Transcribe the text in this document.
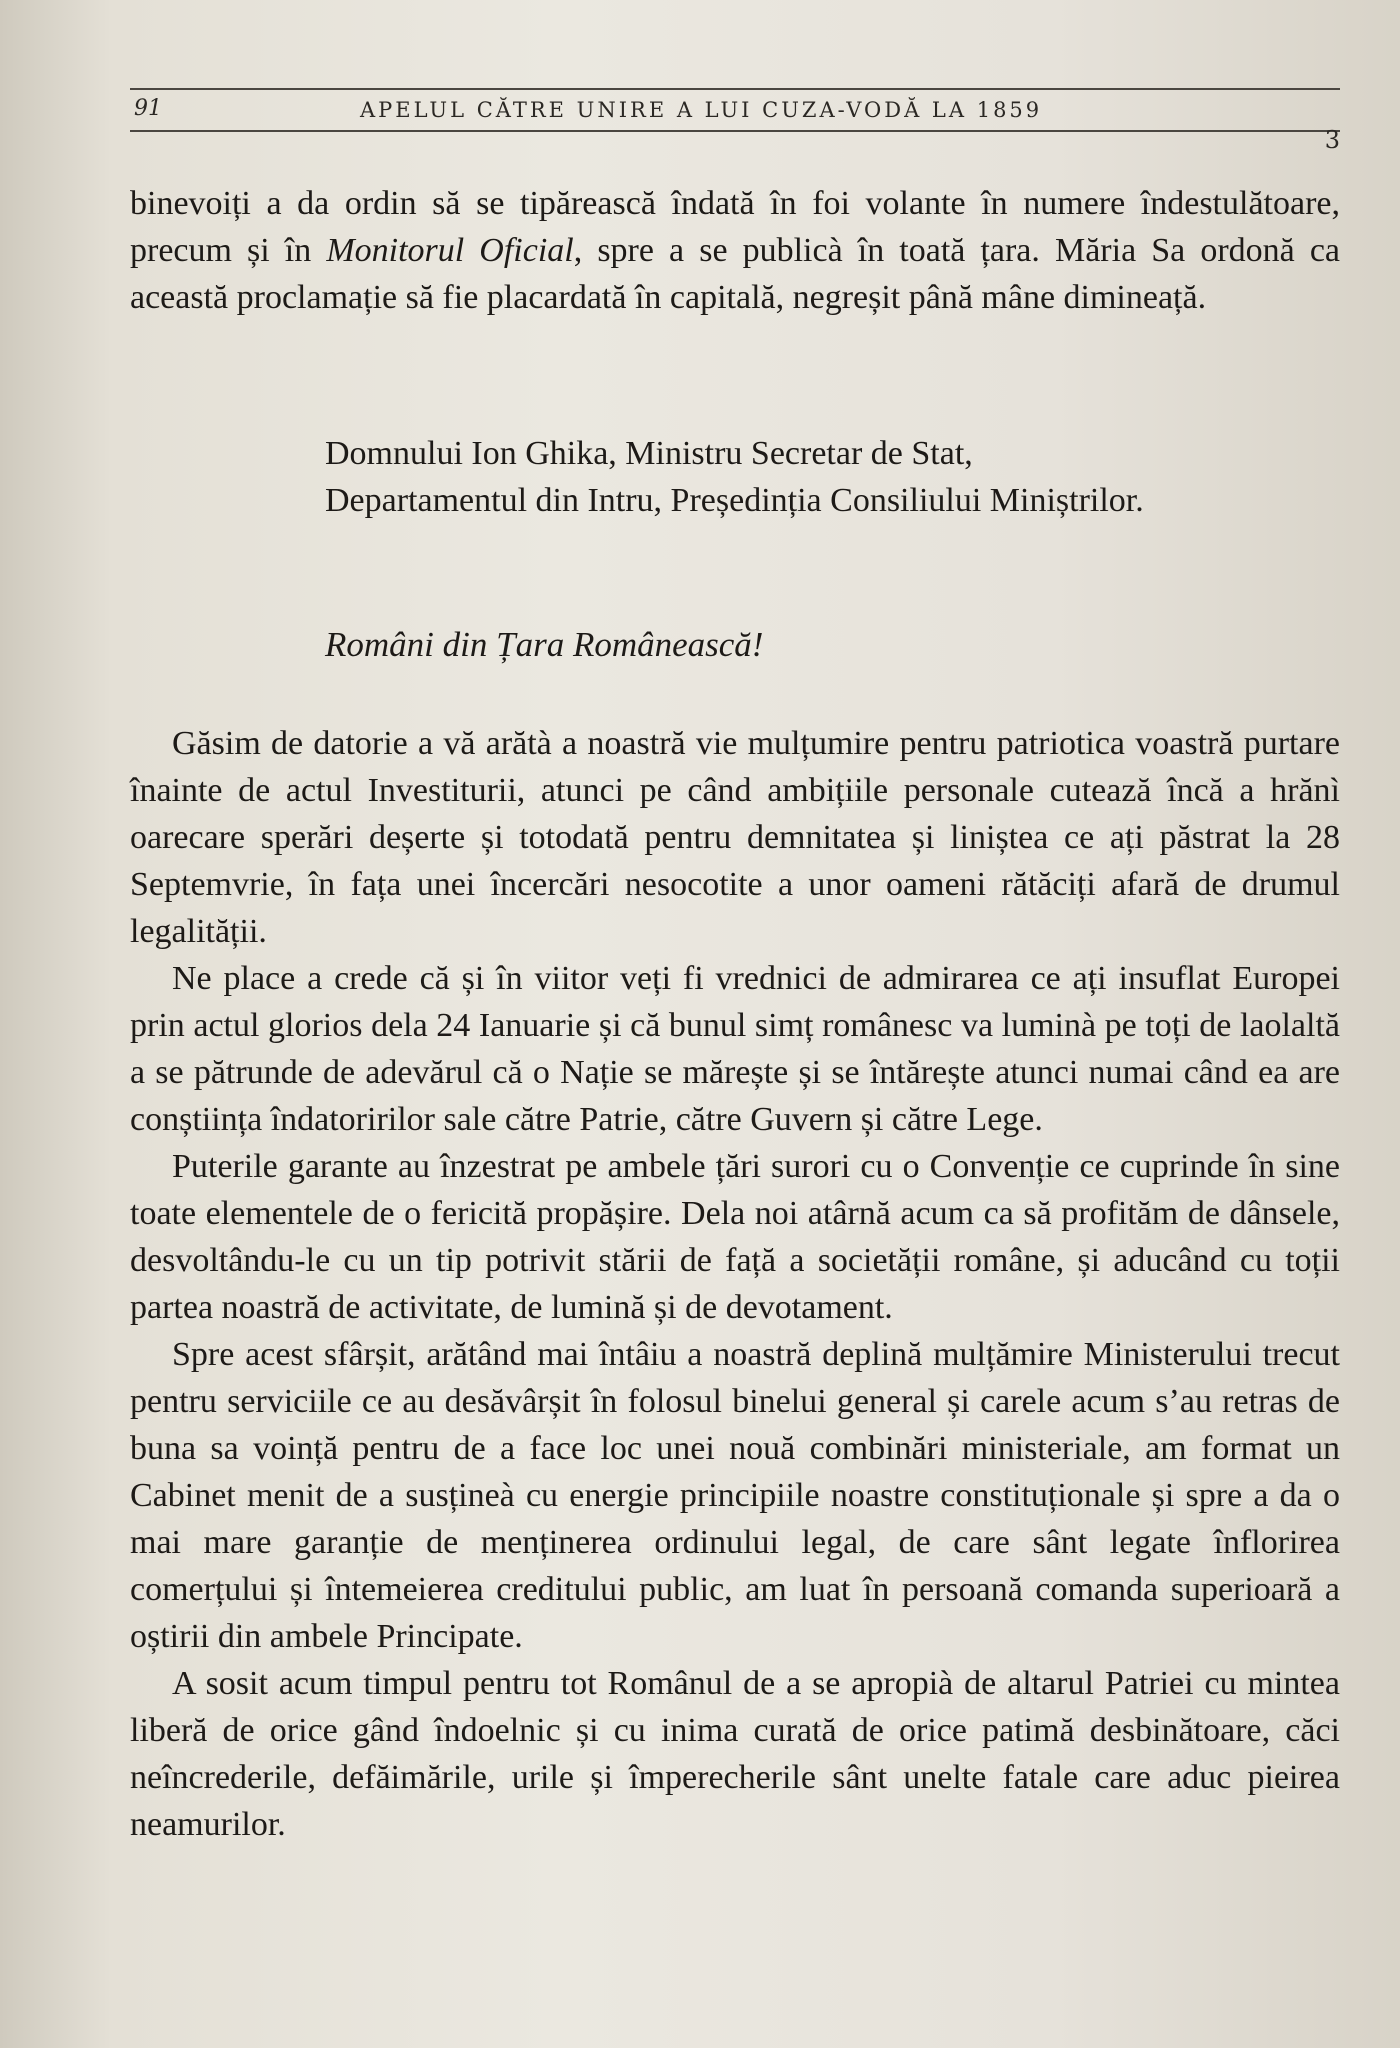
91	APELUL CĂTRE UNIRE A LUI CUZA-VODĂ LA 1859
3
binevoiți a da ordin să se tipărească îndată în foi volante în numere îndestulătoare, precum și în Monitorul Oficial, spre a se publicà în toată țara. Măria Sa ordonă ca această proclamație să fie placardată în capitală, negreșit până mâne dimineață.
Domnului Ion Ghika, Ministru Secretar de Stat,
Departamentul din Intru, Președinția Consiliului Miniștrilor.
Români din Țara Românească!

Găsim de datorie a vă arătà a noastră vie mulțumire pentru patriotica voastră purtare înainte de actul Investiturii, atunci pe când ambițiile personale cutează încă a hrănì oarecare sperări deșerte și totodată pentru demnitatea și liniștea ce ați păstrat la 28 Septemvrie, în fața unei încercări nesocotite a unor oameni rătăciți afară de drumul legalității.

Ne place a crede că și în viitor veți fi vrednici de admirarea ce ați insuflat Europei prin actul glorios dela 24 Ianuarie și că bunul simț românesc va luminà pe toți de laolaltă a se pătrunde de adevărul că o Nație se mărește și se întărește atunci numai când ea are conștiința îndatoririlor sale către Patrie, către Guvern și către Lege.

Puterile garante au înzestrat pe ambele țări surori cu o Convenție ce cuprinde în sine toate elementele de o fericită propășire. Dela noi atârnă acum ca să profităm de dânsele, desvoltându-le cu un tip potrivit stării de față a societății române, și aducând cu toții partea noastră de activitate, de lumină și de devotament.

Spre acest sfârșit, arătând mai întâiu a noastră deplină mulțămire Ministerului trecut pentru serviciile ce au desăvârșit în folosul binelui general și carele acum s’au retras de buna sa voință pentru de a face loc unei nouă combinări ministeriale, am format un Cabinet menit de a susțineà cu energie principiile noastre constituționale și spre a da o mai mare garanție de menținerea ordinului legal, de care sânt legate înflorirea comerțului și întemeierea creditului public, am luat în persoană comanda superioară a oștirii din ambele Principate.

A sosit acum timpul pentru tot Românul de a se apropià de altarul Patriei cu mintea liberă de orice gând îndoelnic și cu inima curată de orice patimă desbinătoare, căci neîncrederile, defăimările, urile și împerecherile sânt unelte fatale care aduc pieirea neamurilor.
